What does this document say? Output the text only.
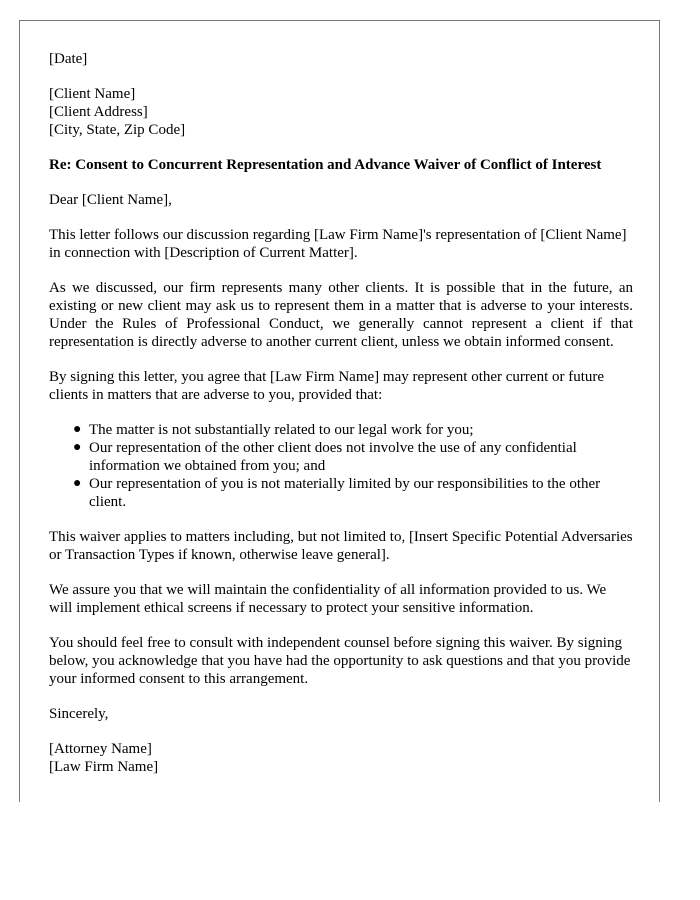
[Date]
[Client Name]
[Client Address]
[City, State, Zip Code]

Re: Consent to Concurrent Representation and Advance Waiver of Conflict of Interest

Dear [Client Name],

This letter follows our discussion regarding [Law Firm Name]'s representation of [Client Name] in connection with [Description of Current Matter].

As we discussed, our firm represents many other clients. It is possible that in the future, an existing or new client may ask us to represent them in a matter that is adverse to your interests. Under the Rules of Professional Conduct, we generally cannot represent a client if that representation is directly adverse to another current client, unless we obtain informed consent.

By signing this letter, you agree that [Law Firm Name] may represent other current or future clients in matters that are adverse to you, provided that:

● The matter is not substantially related to our legal work for you;
● Our representation of the other client does not involve the use of any confidential information we obtained from you; and
● Our representation of you is not materially limited by our responsibilities to the other client.

This waiver applies to matters including, but not limited to, [Insert Specific Potential Adversaries or Transaction Types if known, otherwise leave general].

We assure you that we will maintain the confidentiality of all information provided to us. We will implement ethical screens if necessary to protect your sensitive information.

You should feel free to consult with independent counsel before signing this waiver. By signing below, you acknowledge that you have had the opportunity to ask questions and that you provide your informed consent to this arrangement.

Sincerely,

[Attorney Name]
[Law Firm Name]
